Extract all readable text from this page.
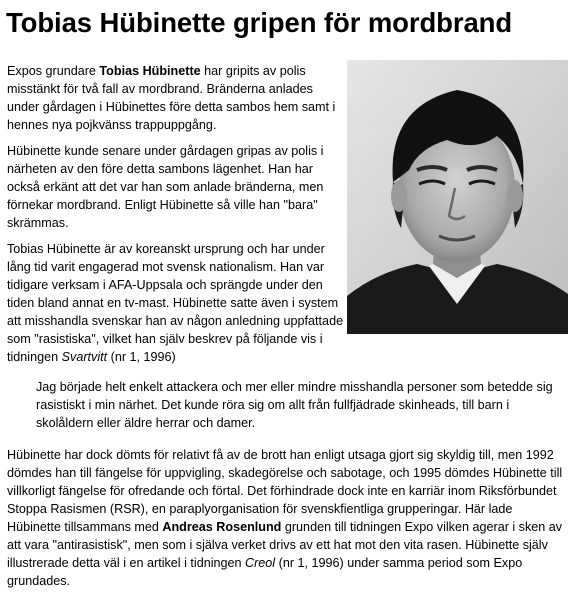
Tobias Hübinette gripen för mordbrand

Expos grundare Tobias Hübinette har gripits av polis misstänkt för två fall av mordbrand. Bränderna anlades under gårdagen i Hübinettes före detta sambos hem samt i hennes nya pojkvänss trappuppgång.

Hübinette kunde senare under gårdagen gripas av polis i närheten av den före detta sambons lägenhet. Han har också erkänt att det var han som anlade bränderna, men förnekar mordbrand. Enligt Hübinette så ville han "bara" skrämmas.

Tobias Hübinette är av koreanskt ursprung och har under lång tid varit engagerad mot svensk nationalism. Han var tidigare verksam i AFA-Uppsala och sprängde under den tiden bland annat en tv-mast. Hübinette satte även i system att misshandla svenskar han av någon anledning uppfattade som "rasistiska", vilket han själv beskrev på följande vis i tidningen Svartvitt (nr 1, 1996)

Jag började helt enkelt attackera och mer eller mindre misshandla personer som betedde sig rasistiskt i min närhet. Det kunde röra sig om allt från fullfjädrade skinheads, till barn i skolåldern eller äldre herrar och damer.

Hübinette har dock dömts för relativt få av de brott han enligt utsaga gjort sig skyldig till, men 1992 dömdes han till fängelse för uppvigling, skadegörelse och sabotage, och 1995 dömdes Hübinette till villkorligt fängelse för ofredande och förtal. Det förhindrade dock inte en karriär inom Riksförbundet Stoppa Rasismen (RSR), en paraplyorganisation för svenskfientliga grupperingar. Här lade Hübinette tillsammans med Andreas Rosenlund grunden till tidningen Expo vilken agerar i sken av att vara "antirasistisk", men som i själva verket drivs av ett hat mot den vita rasen. Hübinette själv illustrerade detta väl i en artikel i tidningen Creol (nr 1, 1996) under samma period som Expo grundades.
